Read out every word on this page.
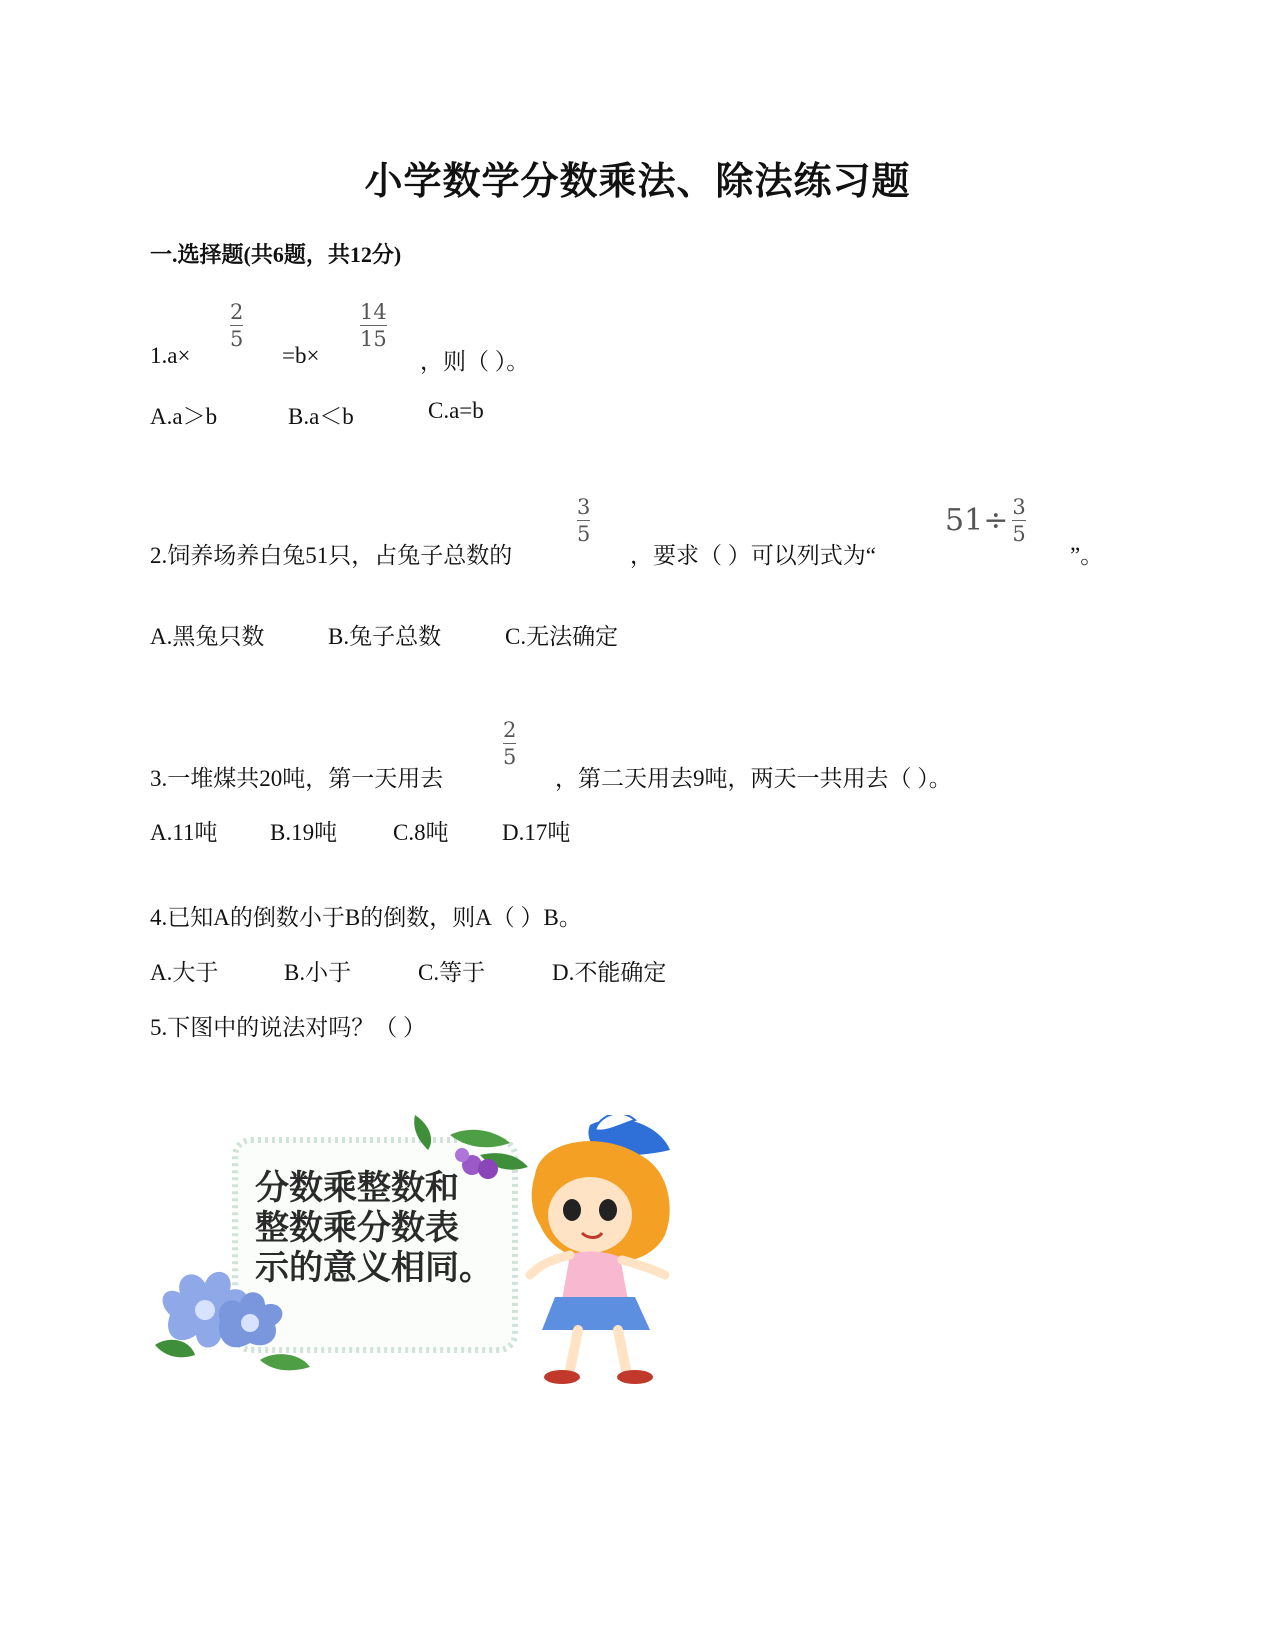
小学数学分数乘法、除法练习题
一.选择题(共6题，共12分)
1.a×
2
5
=b×
14
15
，则（ ）。
A.a＞b	B.a＜b	C.a=b
2.饲养场养白兔51只，占兔子总数的
3
5
，要求（ ）可以列式为“
$51 \div \frac{3}{5}$
”。
A.黑兔只数	B.兔子总数	C.无法确定
3.一堆煤共20吨，第一天用去
2
5
，第二天用去9吨，两天一共用去（ ）。
A.11吨 B.19吨 C.8吨 D.17吨
4.已知A的倒数小于B的倒数，则A（ ）B。
A.大于	B.小于	C.等于	D.不能确定
5.下图中的说法对吗？（ ）
分数乘整数和
整数乘分数表
示的意义相同。
